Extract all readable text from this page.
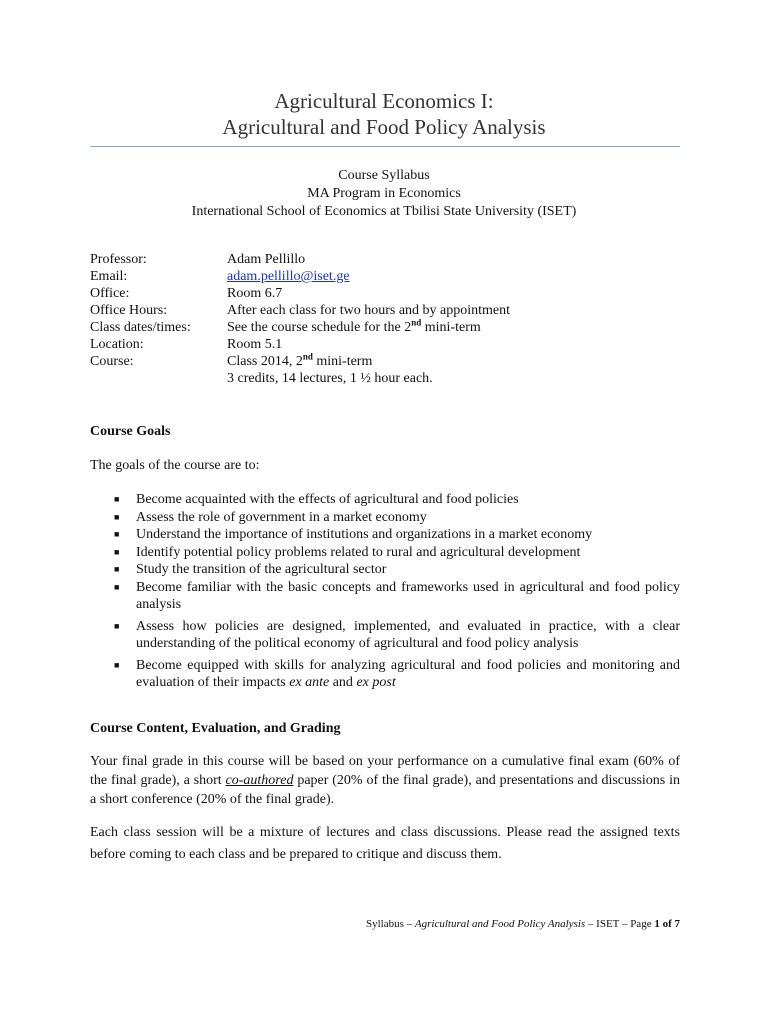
Agricultural Economics I:
Agricultural and Food Policy Analysis
Course Syllabus
MA Program in Economics
International School of Economics at Tbilisi State University (ISET)
Professor:	Adam Pellillo
Email:	adam.pellillo@iset.ge
Office:	Room 6.7
Office Hours:	After each class for two hours and by appointment
Class dates/times:	See the course schedule for the 2nd mini-term
Location:	Room 5.1
Course:	Class 2014, 2nd mini-term
3 credits, 14 lectures, 1 ½ hour each.
Course Goals
The goals of the course are to:
■ Become acquainted with the effects of agricultural and food policies
■ Assess the role of government in a market economy
■ Understand the importance of institutions and organizations in a market economy
■ Identify potential policy problems related to rural and agricultural development
■ Study the transition of the agricultural sector
■ Become familiar with the basic concepts and frameworks used in agricultural and food policy analysis
■ Assess how policies are designed, implemented, and evaluated in practice, with a clear understanding of the political economy of agricultural and food policy analysis
■ Become equipped with skills for analyzing agricultural and food policies and monitoring and evaluation of their impacts ex ante and ex post
Course Content, Evaluation, and Grading
Your final grade in this course will be based on your performance on a cumulative final exam (60% of the final grade), a short co-authored paper (20% of the final grade), and presentations and discussions in a short conference (20% of the final grade).
Each class session will be a mixture of lectures and class discussions. Please read the assigned texts before coming to each class and be prepared to critique and discuss them.
Syllabus – Agricultural and Food Policy Analysis – ISET – Page 1 of 7
